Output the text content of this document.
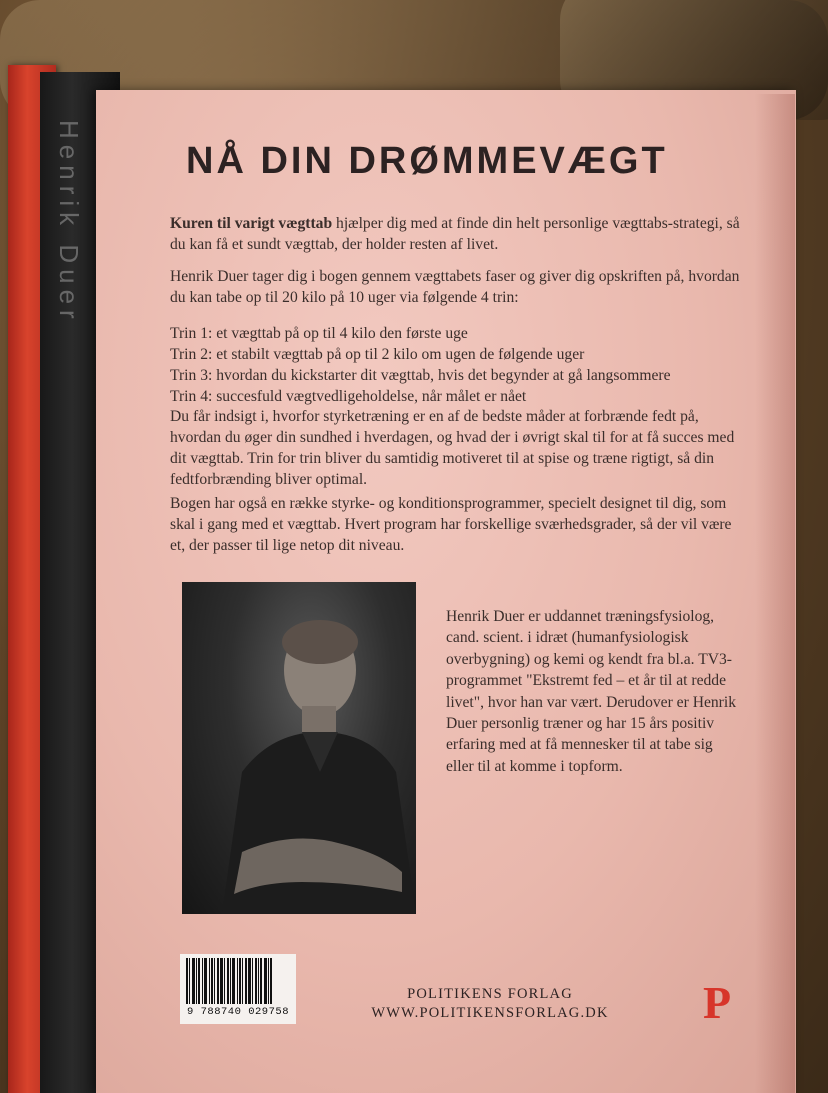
Henrik Duer	NÅ DIN DRØMMEVÆGT

Kuren til varigt vægttab hjælper dig med at finde din helt personlige vægttabs-strategi, så du kan få et sundt vægttab, der holder resten af livet.

Henrik Duer tager dig i bogen gennem vægttabets faser og giver dig opskriften på, hvordan du kan tabe op til 20 kilo på 10 uger via følgende 4 trin:

Trin 1: et vægttab på op til 4 kilo den første uge
Trin 2: et stabilt vægttab på op til 2 kilo om ugen de følgende uger
Trin 3: hvordan du kickstarter dit vægttab, hvis det begynder at gå langsommere
Trin 4: succesfuld vægtvedligeholdelse, når målet er nået

Du får indsigt i, hvorfor styrketræning er en af de bedste måder at forbrænde fedt på, hvordan du øger din sundhed i hverdagen, og hvad der i øvrigt skal til for at få succes med dit vægttab. Trin for trin bliver du samtidig motiveret til at spise og træne rigtigt, så din fedtforbrænding bliver optimal.

Bogen har også en række styrke- og konditionsprogrammer, specielt designet til dig, som skal i gang med et vægttab. Hvert program har forskellige sværhedsgrader, så der vil være et, der passer til lige netop dit niveau.

Henrik Duer er uddannet træningsfysiolog, cand. scient. i idræt (humanfysiologisk overbygning) og kemi og kendt fra bl.a. TV3-programmet "Ekstremt fed – et år til at redde livet", hvor han var vært. Derudover er Henrik Duer personlig træner og har 15 års positiv erfaring med at få mennesker til at tabe sig eller til at komme i topform.

9 788740 029758
POLITIKENS FORLAG
WWW.POLITIKENSFORLAG.DK	P
